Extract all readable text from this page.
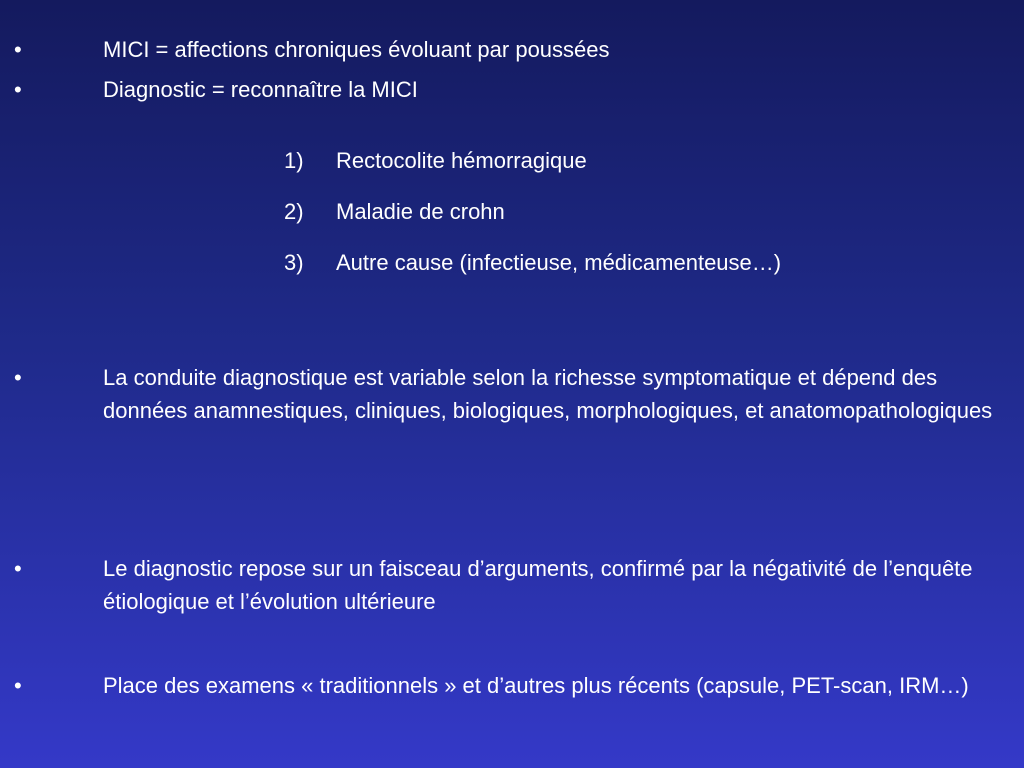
•	MICI = affections chroniques évoluant par poussées
•	Diagnostic = reconnaître la MICI
1) Rectocolite hémorragique
2) Maladie de crohn
3) Autre cause (infectieuse, médicamenteuse…)
•	La conduite diagnostique est variable selon la richesse symptomatique et dépend des données anamnestiques, cliniques, biologiques, morphologiques, et anatomopathologiques
•	Le diagnostic repose sur un faisceau d’arguments, confirmé par la négativité de l’enquête étiologique et l’évolution ultérieure
•	Place des examens « traditionnels » et d’autres plus récents (capsule, PET-scan, IRM…)
